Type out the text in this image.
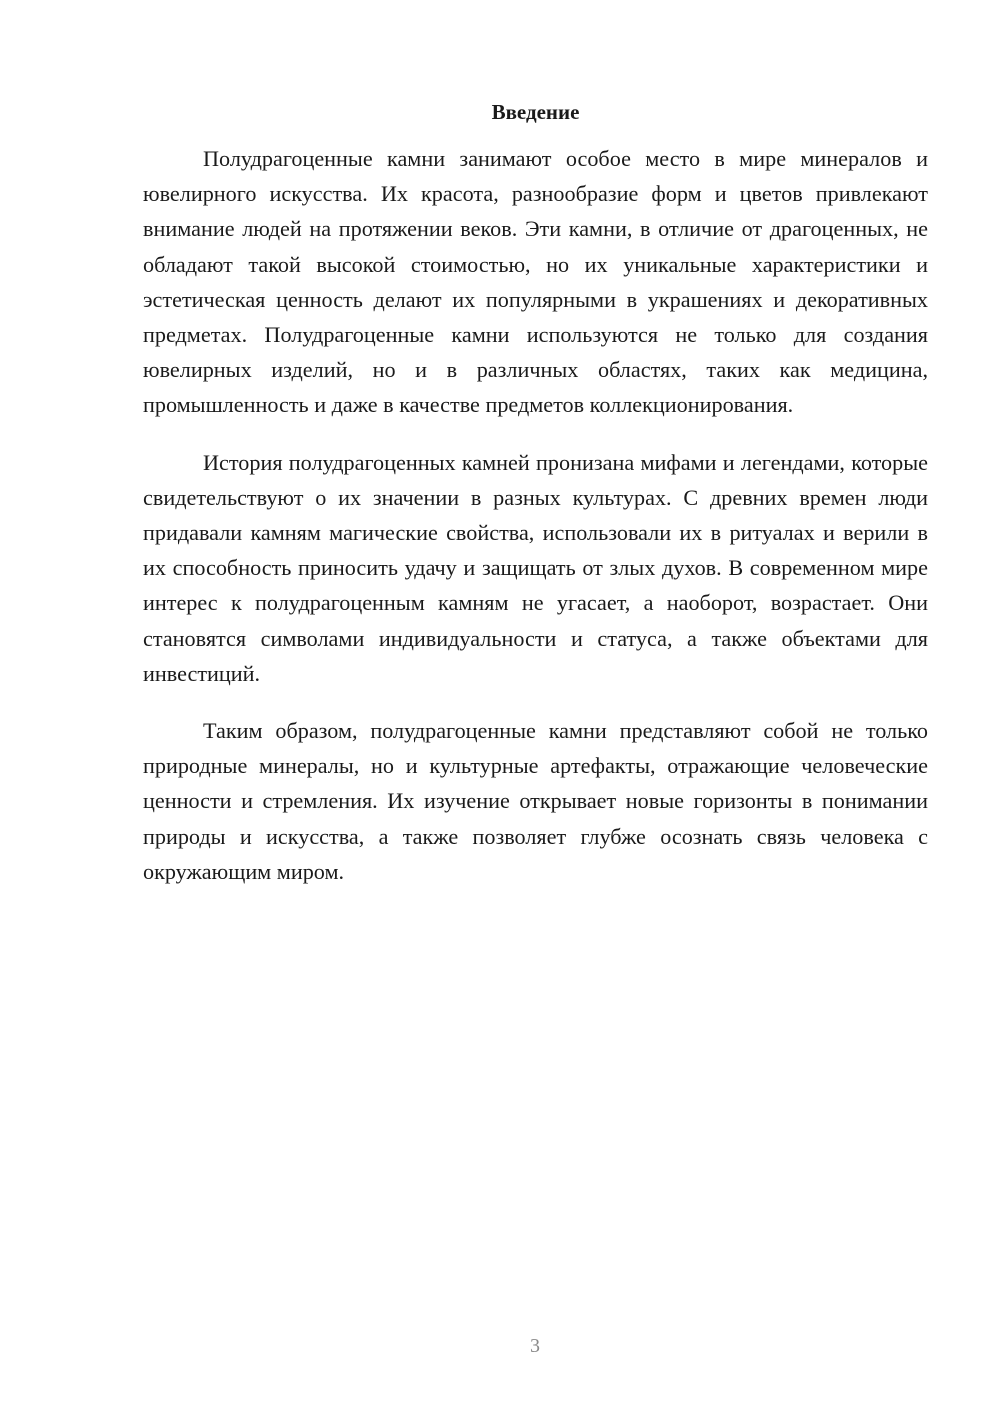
Введение

Полудрагоценные камни занимают особое место в мире минералов и ювелирного искусства. Их красота, разнообразие форм и цветов привлекают внимание людей на протяжении веков. Эти камни, в отличие от драгоценных, не обладают такой высокой стоимостью, но их уникальные характеристики и эстетическая ценность делают их популярными в украшениях и декоративных предметах. Полудрагоценные камни используются не только для создания ювелирных изделий, но и в различных областях, таких как медицина, промышленность и даже в качестве предметов коллекционирования.

История полудрагоценных камней пронизана мифами и легендами, которые свидетельствуют о их значении в разных культурах. С древних времен люди придавали камням магические свойства, использовали их в ритуалах и верили в их способность приносить удачу и защищать от злых духов. В современном мире интерес к полудрагоценным камням не угасает, а наоборот, возрастает. Они становятся символами индивидуальности и статуса, а также объектами для инвестиций.

Таким образом, полудрагоценные камни представляют собой не только природные минералы, но и культурные артефакты, отражающие человеческие ценности и стремления. Их изучение открывает новые горизонты в понимании природы и искусства, а также позволяет глубже осознать связь человека с окружающим миром.

3
